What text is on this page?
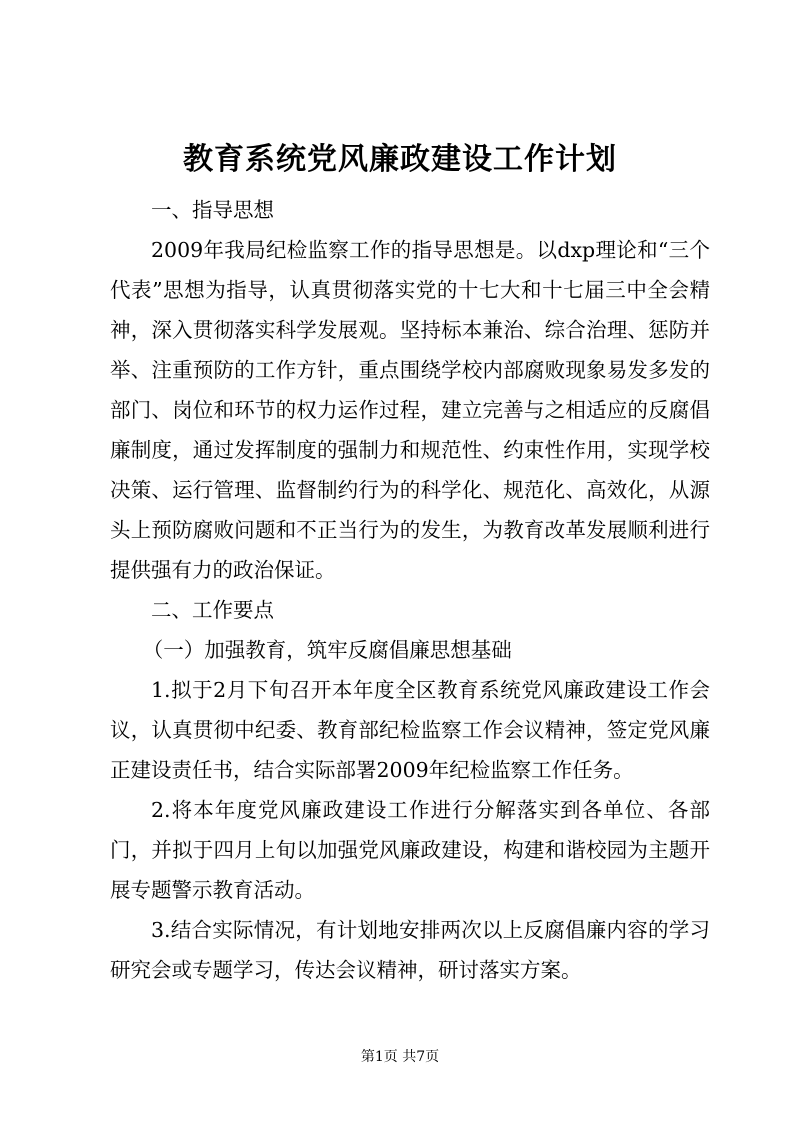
教育系统党风廉政建设工作计划

一、指导思想

2009年我局纪检监察工作的指导思想是。以dxp理论和“三个代表”思想为指导，认真贯彻落实党的十七大和十七届三中全会精神，深入贯彻落实科学发展观。坚持标本兼治、综合治理、惩防并举、注重预防的工作方针，重点围绕学校内部腐败现象易发多发的部门、岗位和环节的权力运作过程，建立完善与之相适应的反腐倡廉制度，通过发挥制度的强制力和规范性、约束性作用，实现学校决策、运行管理、监督制约行为的科学化、规范化、高效化，从源头上预防腐败问题和不正当行为的发生，为教育改革发展顺利进行提供强有力的政治保证。

二、工作要点

（一）加强教育，筑牢反腐倡廉思想基础

1.拟于2月下旬召开本年度全区教育系统党风廉政建设工作会议，认真贯彻中纪委、教育部纪检监察工作会议精神，签定党风廉正建设责任书，结合实际部署2009年纪检监察工作任务。

2.将本年度党风廉政建设工作进行分解落实到各单位、各部门，并拟于四月上旬以加强党风廉政建设，构建和谐校园为主题开展专题警示教育活动。

3.结合实际情况，有计划地安排两次以上反腐倡廉内容的学习研究会或专题学习，传达会议精神，研讨落实方案。

第1页 共7页
